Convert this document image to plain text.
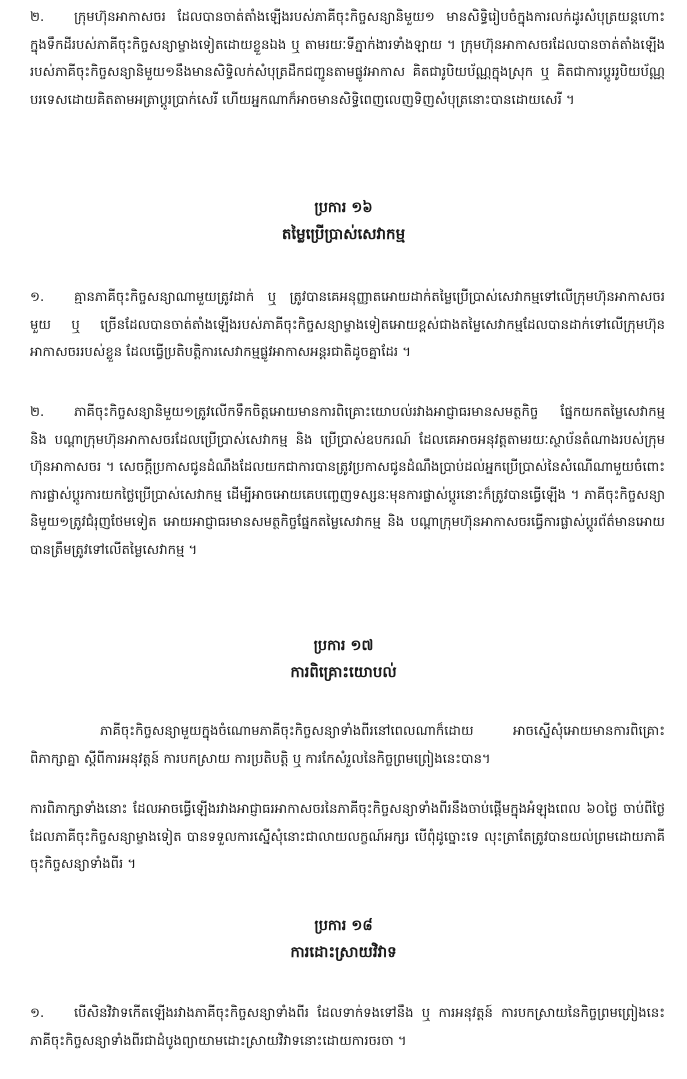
២. ក្រុមហ៊ុនអាកាសចរ ដែលបានចាត់តាំងឡើងរបស់ភាគីចុះកិច្ចសន្យានិមួយ១ មានសិទ្ធិរៀបចំក្នុងការលក់ដូរសំបុត្រយន្តហោះក្នុងទឹកដីរបស់ភាគីចុះកិច្ចសន្យាម្ខាងទៀតដោយខ្លួនឯង ឬ តាមរយៈទីភ្នាក់ងារទាំងឡាយ ។ ក្រុមហ៊ុនអាកាសចរដែលបានចាត់តាំងឡើងរបស់ភាគីចុះកិច្ចសន្យានិមួយ១នឹងមានសិទ្ធិលក់សំបុត្រដឹកជញ្ជូនតាមផ្លូវអាកាស គិតជារូបិយប័ណ្ណក្នុងស្រុក ឬ គិតជាការប្តូររូបិយប័ណ្ណបរទេសដោយគិតតាមអត្រាប្តូរប្រាក់សេរី ហើយអ្នកណាក៏អាចមានសិទ្ធិពេញលេញទិញសំបុត្រនោះបានដោយសេរី ។

ប្រការ ១៦

តម្លៃប្រើប្រាស់សេវាកម្ម

១. គ្មានភាគីចុះកិច្ចសន្យាណាមួយត្រូវដាក់ ឬ ត្រូវបានគេអនុញ្ញាតអោយដាក់តម្លៃប្រើប្រាស់សេវាកម្មទៅលើក្រុមហ៊ុនអាកាសចរមួយ ឬ ច្រើនដែលបានចាត់តាំងឡើងរបស់ភាគីចុះកិច្ចសន្យាម្ខាងទៀតអោយខ្ពស់ជាងតម្លៃសេវាកម្មដែលបានដាក់ទៅលើក្រុមហ៊ុនអាកាសចររបស់ខ្លួន ដែលធ្វើប្រតិបត្តិការសេវាកម្មផ្លូវអាកាសអន្តរជាតិដូចគ្នាដែរ ។

២. ភាគីចុះកិច្ចសន្យានិមួយ១ត្រូវលើកទឹកចិត្តអោយមានការពិគ្រោះយោបល់រវាងអាជ្ញាធរមានសមត្ថកិច្ច ផ្នែកយកតម្លៃសេវាកម្ម និង បណ្តាក្រុមហ៊ុនអាកាសចរដែលប្រើប្រាស់សេវាកម្ម និង ប្រើប្រាស់ឧបករណ៍ ដែលគេអាចអនុវត្តតាមរយៈស្ថាប័នតំណាងរបស់ក្រុមហ៊ុនអាកាសចរ ។ សេចក្តីប្រកាសជូនដំណឹងដែលយកជាការបានត្រូវប្រកាសជូនដំណឹងប្រាប់ដល់អ្នកប្រើប្រាស់នៃសំណើណាមួយចំពោះការផ្លាស់ប្តូរការយកថ្លៃប្រើប្រាស់សេវាកម្ម ដើម្បីអាចអោយគេបញ្ចេញទស្សនៈមុនការផ្លាស់ប្តូរនោះក៏ត្រូវបានធ្វើឡើង ។ ភាគីចុះកិច្ចសន្យានិមួយ១ត្រូវជំរុញថែមទៀត អោយអាជ្ញាធរមានសមត្ថកិច្ចផ្នែកតម្លៃសេវាកម្ម និង បណ្តាក្រុមហ៊ុនអាកាសចរធ្វើការផ្លាស់ប្តូរព័ត៌មានអោយបានត្រឹមត្រូវទៅលើតម្លៃសេវាកម្ម ។

ប្រការ ១៧

ការពិគ្រោះយោបល់

ភាគីចុះកិច្ចសន្យាមួយក្នុងចំណោមភាគីចុះកិច្ចសន្យាទាំងពីរនៅពេលណាក៏ដោយ អាចស្នើសុំអោយមានការពិគ្រោះពិភាក្សាគ្នា ស្តីពីការអនុវត្តន៍ ការបកស្រាយ ការប្រតិបត្តិ ឬ ការកែសំរួលនៃកិច្ចព្រមព្រៀងនេះបាន។

ការពិភាក្សាទាំងនោះ ដែលអាចធ្វើឡើងរវាងអាជ្ញាធរអាកាសចរនៃភាគីចុះកិច្ចសន្យាទាំងពីរនឹងចាប់ផ្តើមក្នុងអំឡុងពេល ៦០ថ្ងៃ ចាប់ពីថ្ងៃដែលភាគីចុះកិច្ចសន្យាម្ខាងទៀត បានទទួលការស្នើសុំនោះជាលាយលក្ខណ៍អក្សរ បើពុំដូច្នោះទេ លុះត្រាតែត្រូវបានយល់ព្រមដោយភាគីចុះកិច្ចសន្យាទាំងពីរ ។

ប្រការ ១៨

ការដោះស្រាយវិវាទ

១. បើសិនវិវាទកើតឡើងរវាងភាគីចុះកិច្ចសន្យាទាំងពីរ ដែលទាក់ទងទៅនឹង ឬ ការអនុវត្តន៍ ការបកស្រាយនៃកិច្ចព្រមព្រៀងនេះ ភាគីចុះកិច្ចសន្យាទាំងពីរជាដំបូងព្យាយាមដោះស្រាយវិវាទនោះដោយការចរចា ។
